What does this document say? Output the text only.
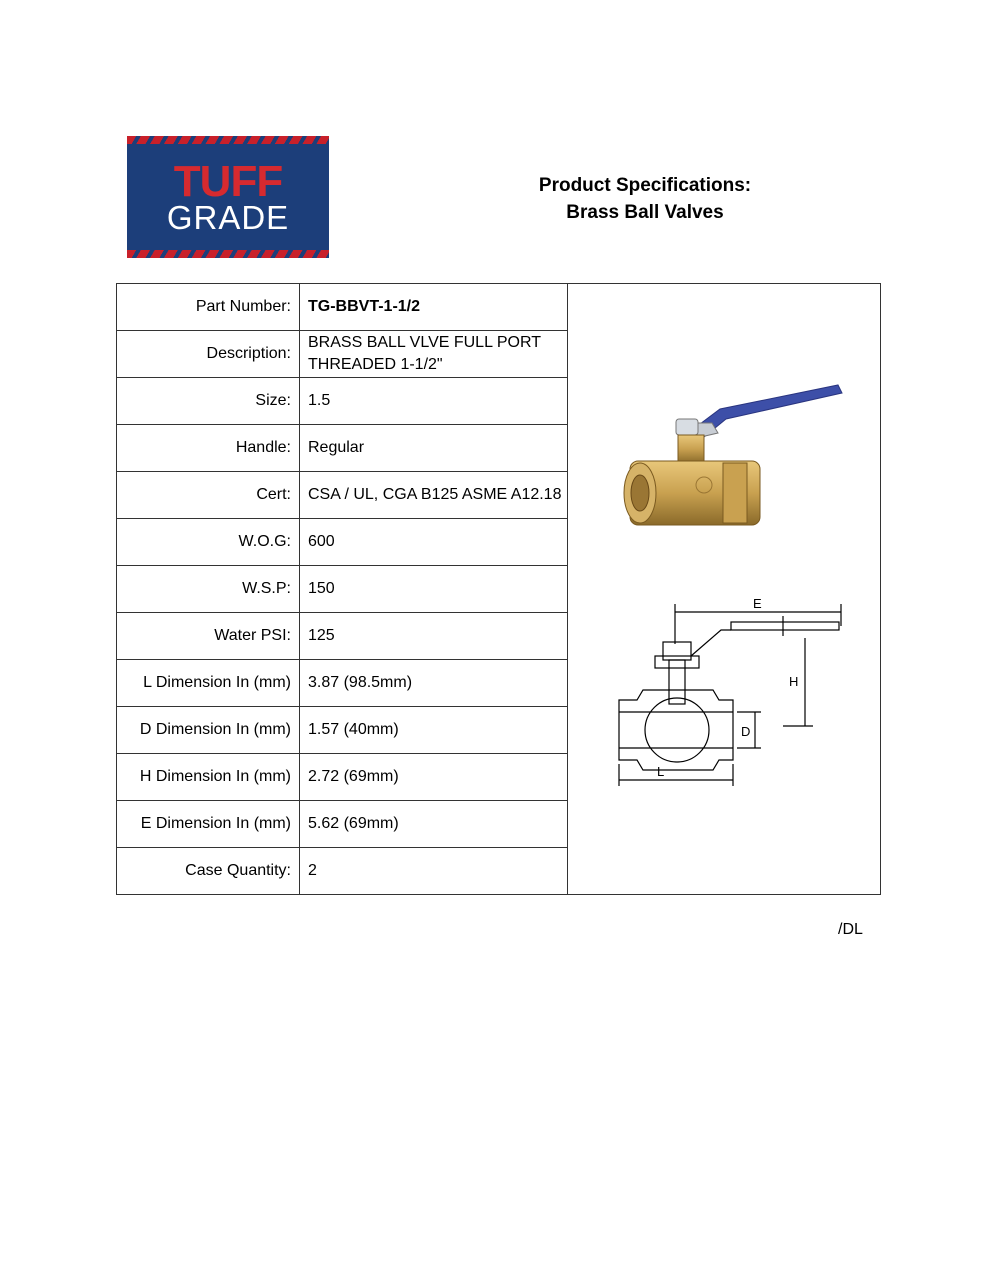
TUFF
GRADE
Product Specifications:
Brass Ball Valves
Part Number:	TG-BBVT-1-1/2	E
H
D
L

Description:	BRASS BALL VLVE FULL PORT
THREADED 1-1/2"	

Size:	1.5	
Handle:	Regular	
Cert:	CSA / UL, CGA B125 ASME A12.18	
W.O.G:	600	
W.S.P:	150	
Water PSI:	125	
L Dimension In (mm)	3.87 (98.5mm)	
D Dimension In (mm)	1.57 (40mm)	
H Dimension In (mm)	2.72 (69mm)	
E Dimension In (mm)	5.62 (69mm)	
Case Quantity:	2	
/DL
